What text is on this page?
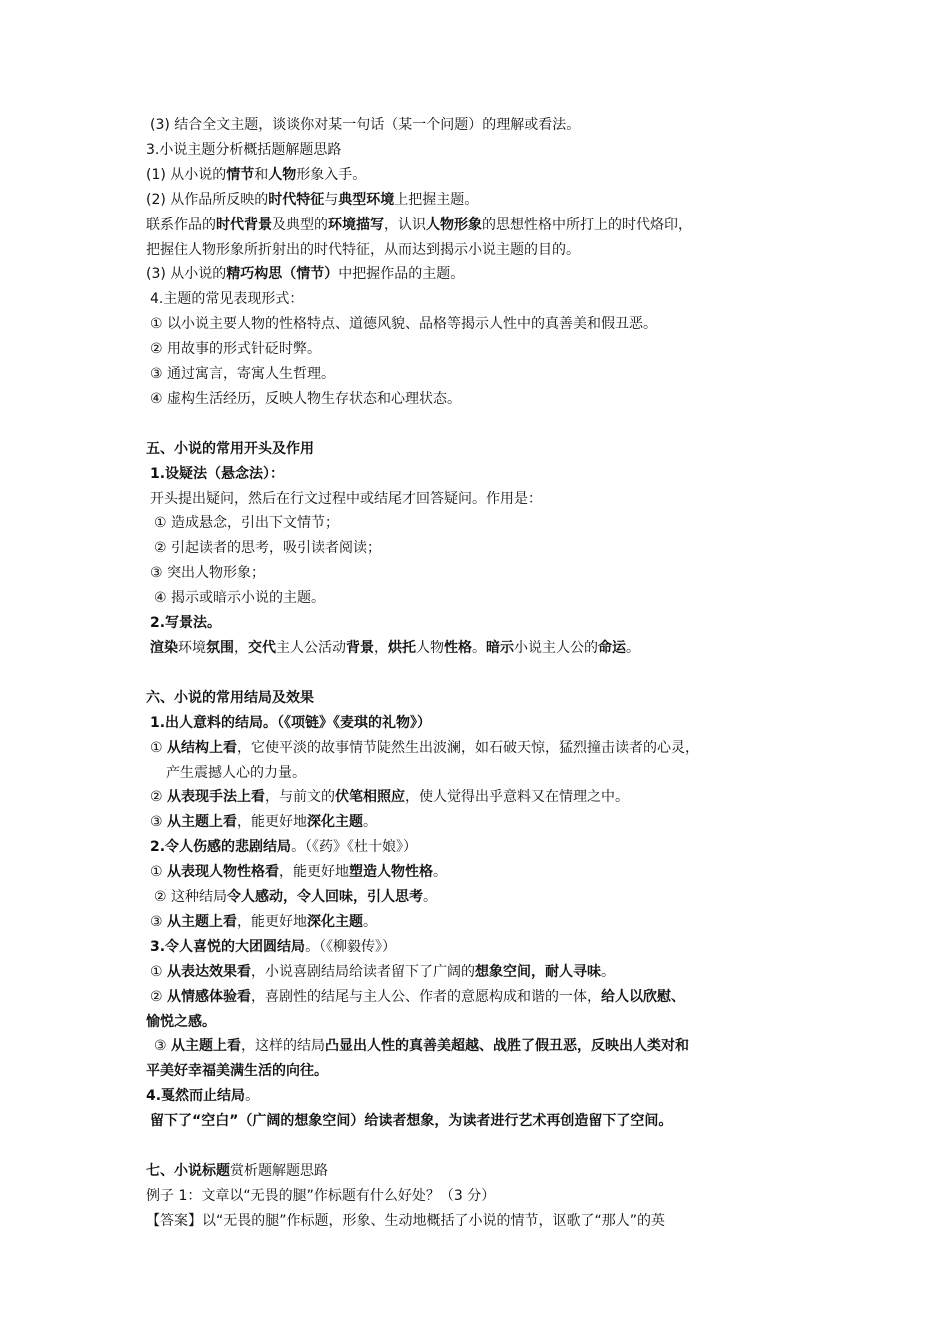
(3) 结合全文主题，谈谈你对某一句话（某一个问题）的理解或看法。
3.小说主题分析概括题解题思路
(1) 从小说的情节和人物形象入手。
(2) 从作品所反映的时代特征与典型环境上把握主题。
联系作品的时代背景及典型的环境描写，认识人物形象的思想性格中所打上的时代烙印，
把握住人物形象所折射出的时代特征，从而达到揭示小说主题的目的。
(3) 从小说的精巧构思（情节）中把握作品的主题。
4.主题的常见表现形式：
① 以小说主要人物的性格特点、道德风貌、品格等揭示人性中的真善美和假丑恶。
② 用故事的形式针砭时弊。
③ 通过寓言，寄寓人生哲理。
④ 虚构生活经历，反映人物生存状态和心理状态。
五、小说的常用开头及作用
1.设疑法（悬念法）：
开头提出疑问，然后在行文过程中或结尾才回答疑问。作用是：
① 造成悬念，引出下文情节；
② 引起读者的思考，吸引读者阅读；
③ 突出人物形象；
④ 揭示或暗示小说的主题。
2.写景法。
渲染环境氛围，交代主人公活动背景，烘托人物性格。暗示小说主人公的命运。
六、小说的常用结局及效果
1.出人意料的结局。（《项链》《麦琪的礼物》）
① 从结构上看，它使平淡的故事情节陡然生出波澜，如石破天惊，猛烈撞击读者的心灵，
产生震撼人心的力量。
② 从表现手法上看，与前文的伏笔相照应，使人觉得出乎意料又在情理之中。
③ 从主题上看，能更好地深化主题。
2.令人伤感的悲剧结局。（《药》《杜十娘》）
① 从表现人物性格看，能更好地塑造人物性格。
② 这种结局令人感动，令人回味，引人思考。
③ 从主题上看，能更好地深化主题。
3.令人喜悦的大团圆结局。（《柳毅传》）
① 从表达效果看，小说喜剧结局给读者留下了广阔的想象空间，耐人寻味。
② 从情感体验看，喜剧性的结尾与主人公、作者的意愿构成和谐的一体，给人以欣慰、
愉悦之感。
③ 从主题上看，这样的结局凸显出人性的真善美超越、战胜了假丑恶，反映出人类对和
平美好幸福美满生活的向往。
4.戛然而止结局。
留下了“空白”（广阔的想象空间）给读者想象，为读者进行艺术再创造留下了空间。
七、小说标题赏析题解题思路
例子 1：文章以“无畏的腿”作标题有什么好处？（3 分）
【答案】以“无畏的腿”作标题，形象、生动地概括了小说的情节，讴歌了“那人”的英
